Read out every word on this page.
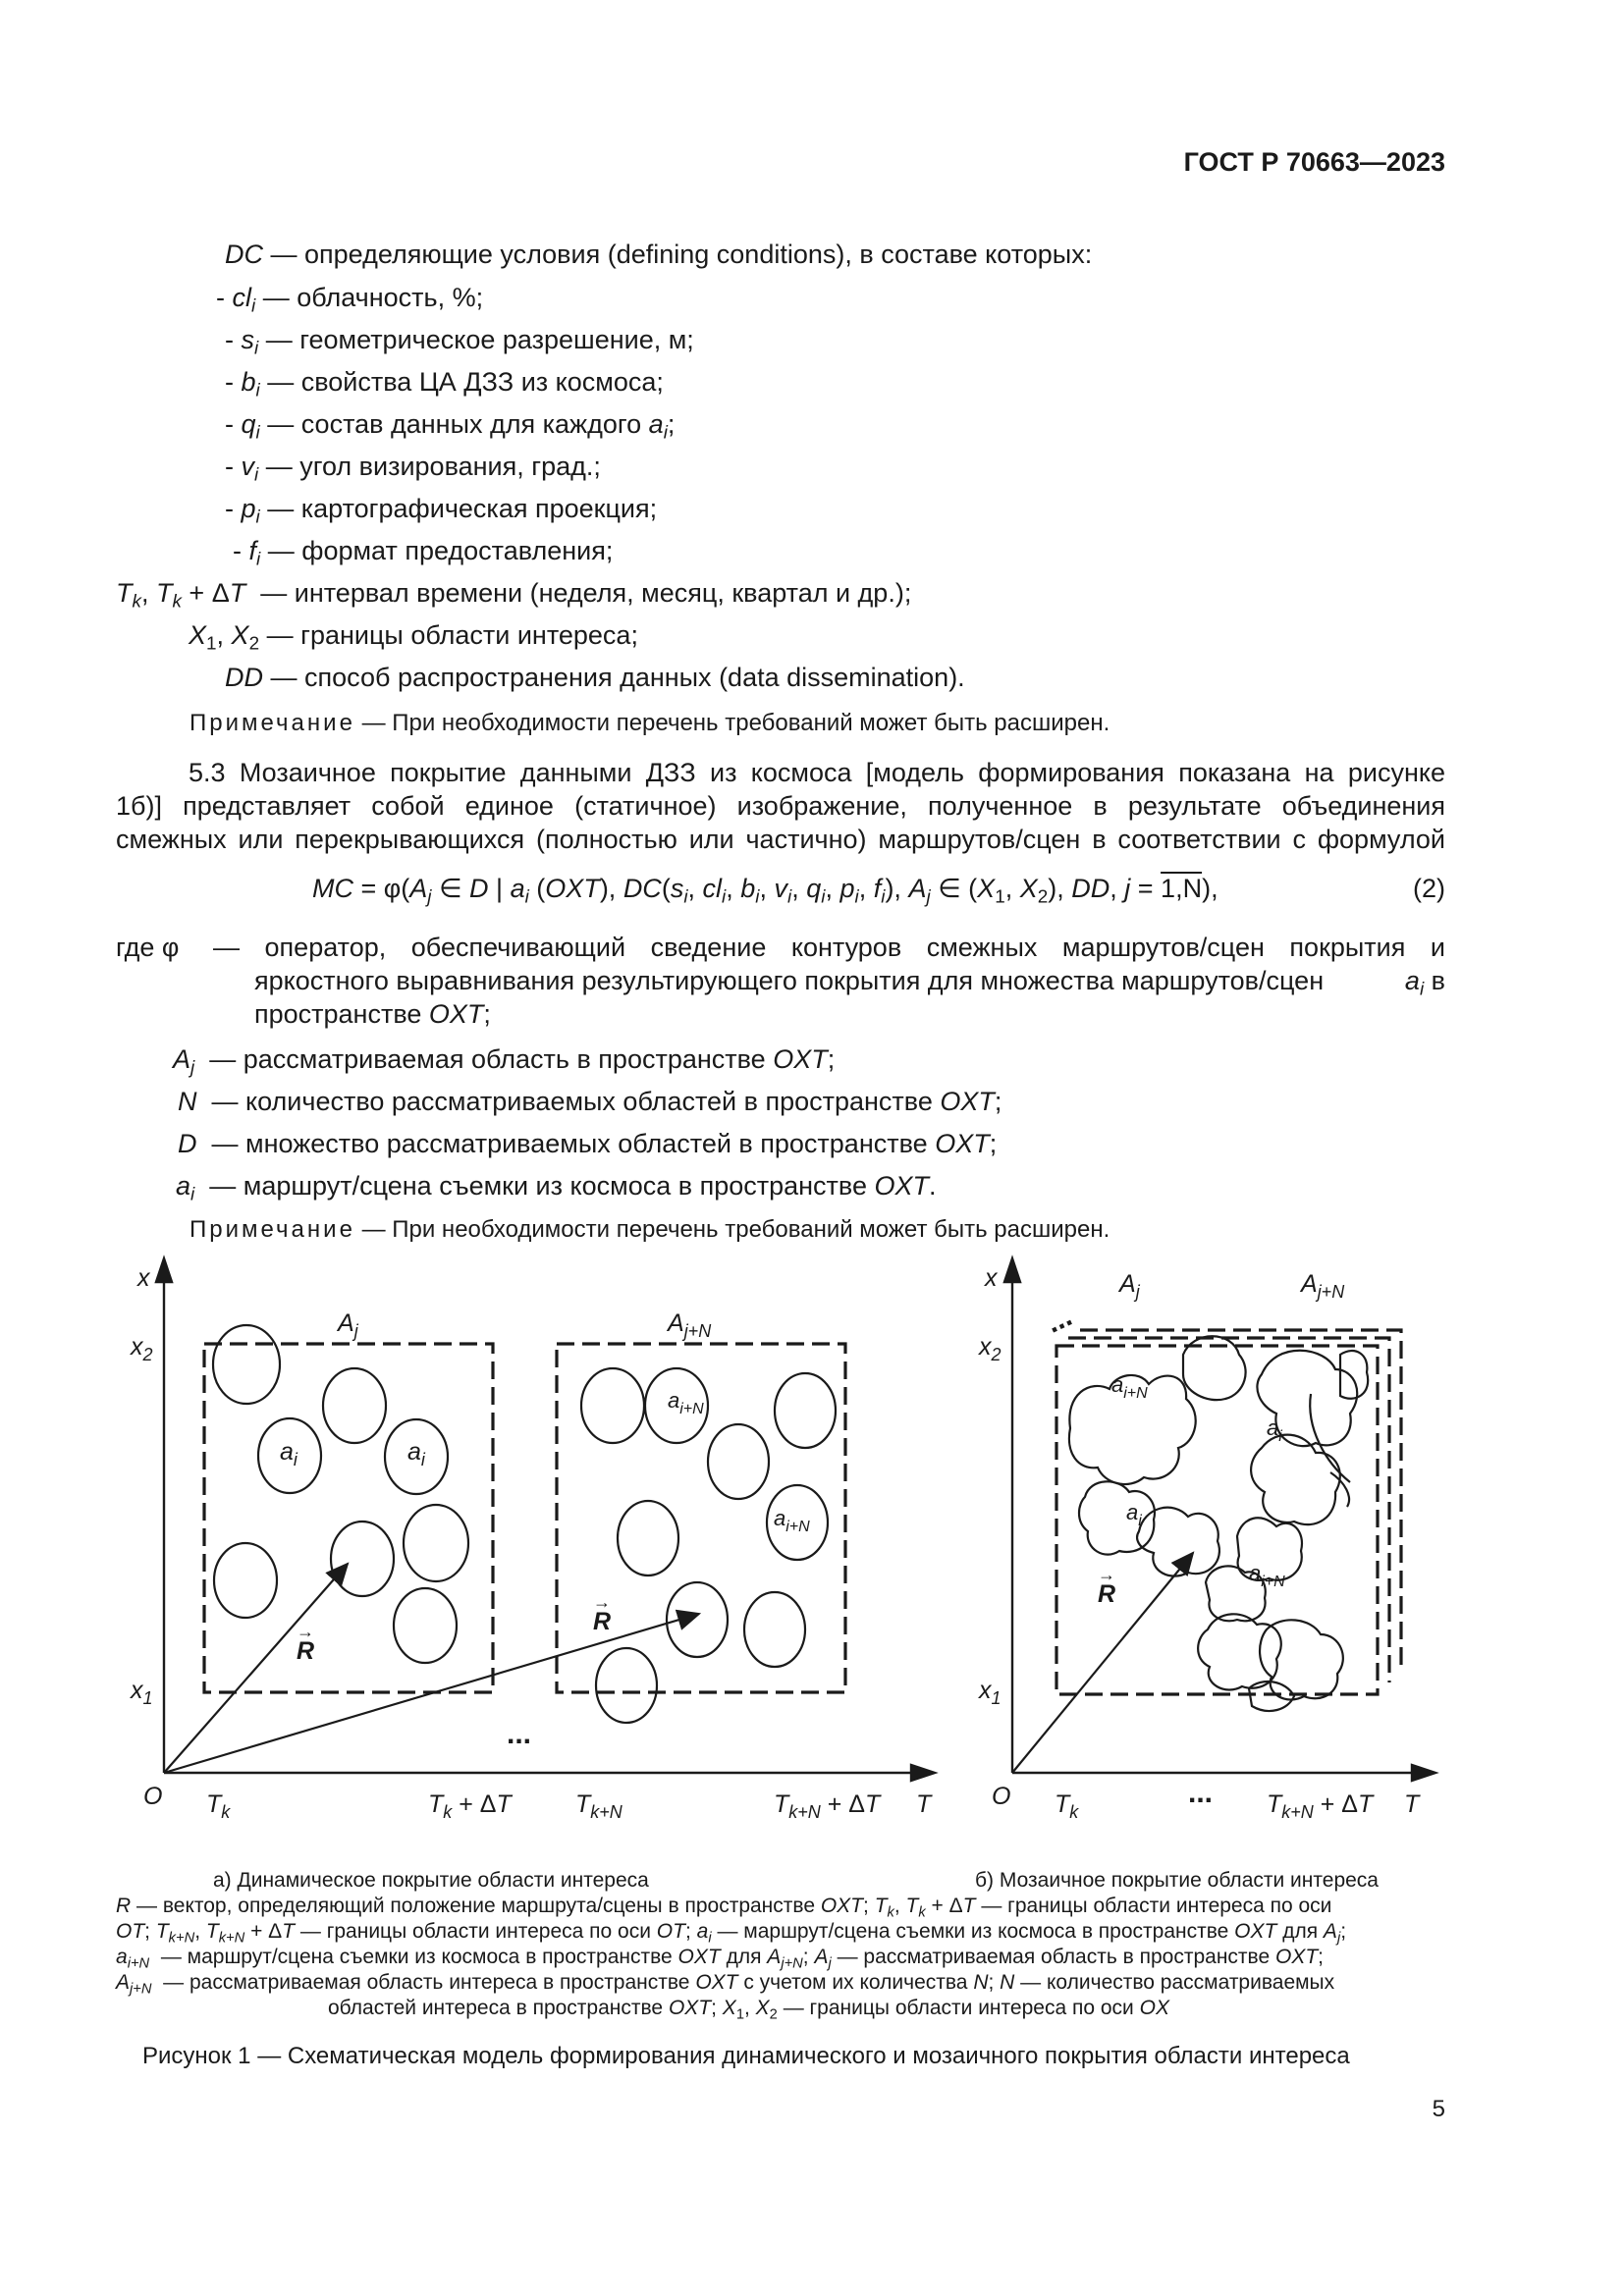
ГОСТ Р 70663—2023
DC — определяющие условия (defining conditions), в составе которых:
- $cl_i$ — облачность, %;
- $s_i$ — геометрическое разрешение, м;
- $b_i$ — свойства ЦА ДЗЗ из космоса;
- $q_i$ — состав данных для каждого $a_i$;
- $v_i$ — угол визирования, град.;
- $p_i$ — картографическая проекция;
- $f_i$ — формат предоставления;
$T_k$, $T_k + \Delta T$ — интервал времени (неделя, месяц, квартал и др.);
$X_1$, $X_2$ — границы области интереса;
DD — способ распространения данных (data dissemination).
Примечание — При необходимости перечень требований может быть расширен.
5.3 Мозаичное покрытие данными ДЗЗ из космоса [модель формирования показана на рисунке
1б)] представляет собой единое (статичное) изображение, полученное в результате объединения
смежных или перекрывающихся (полностью или частично) маршрутов/сцен в соответствии с формулой
MC = $\varphi(A_j$ ∈ D | $a_i$ (OXT), $DC(s_i$, $cl_i$, $b_i$, $v_i$, $q_i$, $p_i$, $f_i$), $A_j$ ∈ ($X_1$, $X_2$), DD, j = 1,N),	(2)
где φ — оператор, обеспечивающий сведение контуров смежных маршрутов/сцен покрытия и
яркостного выравнивания результирующего покрытия для множества маршрутов/сцен	$a_i$ в
пространстве OXT;
$A_j$ — рассматриваемая область в пространстве OXT;
N — количество рассматриваемых областей в пространстве OXT;
D — множество рассматриваемых областей в пространстве OXT;
$a_i$ — маршрут/сцена съемки из космоса в пространстве OXT.
Примечание — При необходимости перечень требований может быть расширен.
x
$x_2$
$x_1$
O $T_k$	$T_k + \Delta T$	$T_{k+N}$	$T_{k+N} + \Delta T$ T
...
$A_j$	$A_{j+N}$
$a_i$	$a_i$
$a_{i+N}$
$a_{i+N}$
R
→	R
→
x
$x_2$
$x_1$
O $T_k$	$T_{k+N} + \Delta T$ T
...
...
$A_j$	$A_{j+N}$
$a_{i+N}$
$a_i$
$a_i$
$a_{i+N}$
R
→
а) Динамическое покрытие области интереса	б) Мозаичное покрытие области интереса
R — вектор, определяющий положение маршрута/сцены в пространстве OXT; $T_k$, $T_k + \Delta T$ — границы области интереса по оси
OT; $T_{k+N}$, $T_{k+N} + \Delta T$ — границы области интереса по оси OT; $a_i$ — маршрут/сцена съемки из космоса в пространстве OXT для $A_j$;
$a_{i+N}$ — маршрут/сцена съемки из космоса в пространстве OXT для $A_{j+N}$; $A_j$ — рассматриваемая область в пространстве OXT;
$A_{j+N}$ — рассматриваемая область интереса в пространстве OXT с учетом их количества N; N — количество рассматриваемых
областей интереса в пространстве OXT; $X_1$, $X_2$ — границы области интереса по оси OX
Рисунок 1 — Схематическая модель формирования динамического и мозаичного покрытия области интереса
5
